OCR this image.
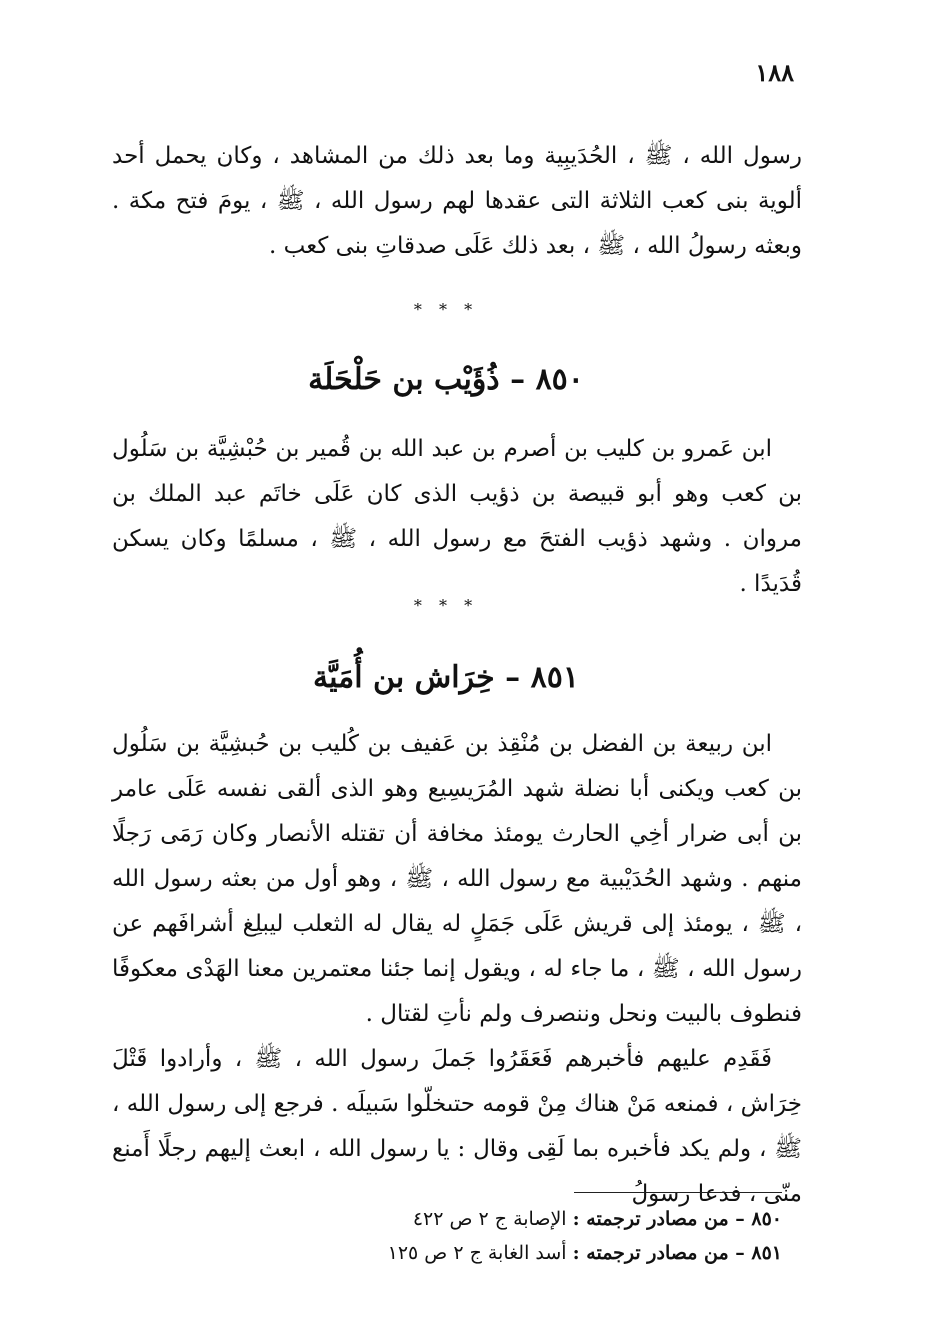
١٨٨

رسول الله ، ﷺ ، الحُدَيبِية وما بعد ذلك من المشاهد ، وكان يحمل أحد ألوية بنى كعب الثلاثة التى عقدها لهم رسول الله ، ﷺ ، يومَ فتح مكة . وبعثه رسولُ الله ، ﷺ ، بعد ذلك عَلَى صدقاتِ بنى كعب .

* * *
٨٥٠ – ذُؤَيْب بن حَلْحَلَة

ابن عَمرو بن كليب بن أصرم بن عبد الله بن قُمير بن حُبْشِيَّة بن سَلُول بن كعب وهو أبو قبيصة بن ذؤيب الذى كان عَلَى خاتَم عبد الملك بن مروان . وشهد ذؤيب الفتحَ مع رسول الله ، ﷺ ، مسلمًا وكان يسكن قُدَيدًا .

* * *
٨٥١ – خِرَاش بن أُمَيَّة

ابن ربيعة بن الفضل بن مُنْقِذ بن عَفيف بن كُليب بن حُبشِيَّة بن سَلُول بن كعب ويكنى أبا نضلة شهد المُرَيسِيع وهو الذى ألقى نفسه عَلَى عامر بن أبى ضرار أخِي الحارث يومئذ مخافة أن تقتله الأنصار وكان رَمَى رَجلًا منهم . وشهد الحُدَيْبية مع رسول الله ، ﷺ ، وهو أول من بعثه رسول الله ، ﷺ ، يومئذ إلى قريش عَلَى جَمَلٍ له يقال له الثعلب ليبلِغ أشرافَهم عن رسول الله ، ﷺ ، ما جاء له ، ويقول إنما جئنا معتمرين معنا الهَدْى معكوفًا فنطوف بالبيت ونحل وننصرف ولم نأتِ لقتال .

فَقَدِم عليهم فأخبرهم فَعَقَرُوا جَملَ رسول الله ، ﷺ ، وأرادوا قَتْلَ خِرَاش ، فمنعه مَنْ هناك مِنْ قومه حتىخلّوا سَبيلَه . فرجع إلى رسول الله ، ﷺ ، ولم يكد فأخبره بما لَقِى وقال : يا رسول الله ، ابعث إليهم رجلًا أَمنع منّى ، فدعا رسولُ

٨٥٠ – من مصادر ترجمته : الإصابة ج ٢ ص ٤٢٢

٨٥١ – من مصادر ترجمته : أسد الغابة ج ٢ ص ١٢٥
